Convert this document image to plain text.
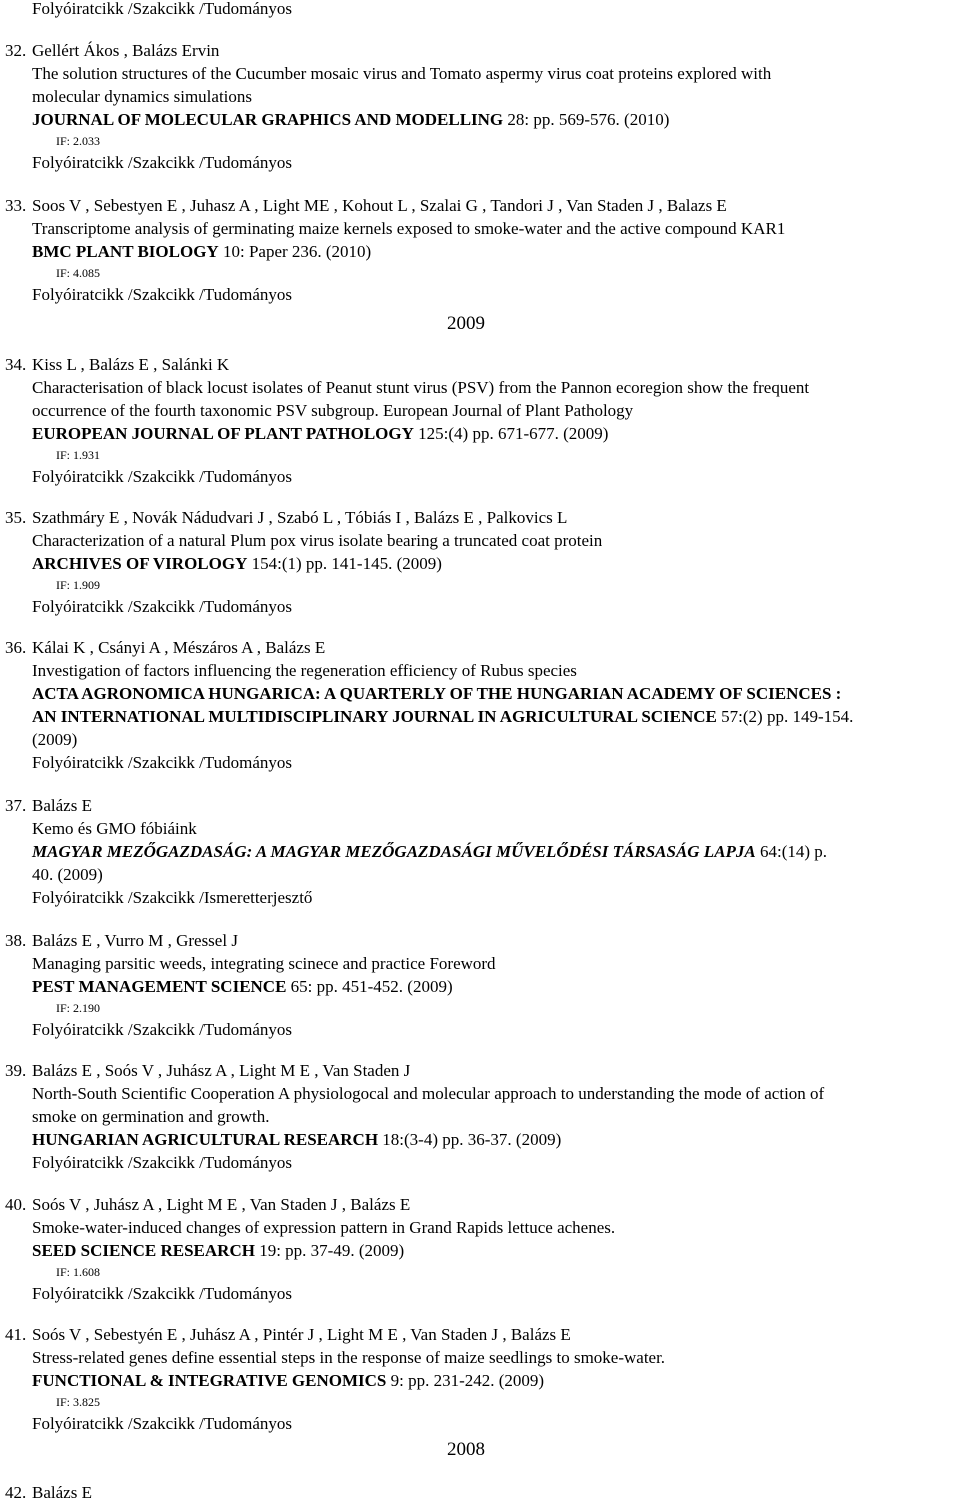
Folyóiratcikk /Szakcikk /Tudományos
32. Gellért Ákos , Balázs Ervin
The solution structures of the Cucumber mosaic virus and Tomato aspermy virus coat proteins explored with
molecular dynamics simulations
JOURNAL OF MOLECULAR GRAPHICS AND MODELLING 28: pp. 569-576. (2010)
IF: 2.033
Folyóiratcikk /Szakcikk /Tudományos
33. Soos V , Sebestyen E , Juhasz A , Light ME , Kohout L , Szalai G , Tandori J , Van Staden J , Balazs E
Transcriptome analysis of germinating maize kernels exposed to smoke-water and the active compound KAR1
BMC PLANT BIOLOGY 10: Paper 236. (2010)
IF: 4.085
Folyóiratcikk /Szakcikk /Tudományos
2009
34. Kiss L , Balázs E , Salánki K
Characterisation of black locust isolates of Peanut stunt virus (PSV) from the Pannon ecoregion show the frequent
occurrence of the fourth taxonomic PSV subgroup. European Journal of Plant Pathology
EUROPEAN JOURNAL OF PLANT PATHOLOGY 125:(4) pp. 671-677. (2009)
IF: 1.931
Folyóiratcikk /Szakcikk /Tudományos
35. Szathmáry E , Novák Nádudvari J , Szabó L , Tóbiás I , Balázs E , Palkovics L
Characterization of a natural Plum pox virus isolate bearing a truncated coat protein
ARCHIVES OF VIROLOGY 154:(1) pp. 141-145. (2009)
IF: 1.909
Folyóiratcikk /Szakcikk /Tudományos
36. Kálai K , Csányi A , Mészáros A , Balázs E
Investigation of factors influencing the regeneration efficiency of Rubus species
ACTA AGRONOMICA HUNGARICA: A QUARTERLY OF THE HUNGARIAN ACADEMY OF SCIENCES :
AN INTERNATIONAL MULTIDISCIPLINARY JOURNAL IN AGRICULTURAL SCIENCE 57:(2) pp. 149-154.
(2009)
Folyóiratcikk /Szakcikk /Tudományos
37. Balázs E
Kemo és GMO fóbiáink
MAGYAR MEZŐGAZDASÁG: A MAGYAR MEZŐGAZDASÁGI MŰVELŐDÉSI TÁRSASÁG LAPJA 64:(14) p.
40. (2009)
Folyóiratcikk /Szakcikk /Ismeretterjesztő
38. Balázs E , Vurro M , Gressel J
Managing parsitic weeds, integrating scinece and practice Foreword
PEST MANAGEMENT SCIENCE 65: pp. 451-452. (2009)
IF: 2.190
Folyóiratcikk /Szakcikk /Tudományos
39. Balázs E , Soós V , Juhász A , Light M E , Van Staden J
North-South Scientific Cooperation A physiologocal and molecular approach to understanding the mode of action of
smoke on germination and growth.
HUNGARIAN AGRICULTURAL RESEARCH 18:(3-4) pp. 36-37. (2009)
Folyóiratcikk /Szakcikk /Tudományos
40. Soós V , Juhász A , Light M E , Van Staden J , Balázs E
Smoke-water-induced changes of expression pattern in Grand Rapids lettuce achenes.
SEED SCIENCE RESEARCH 19: pp. 37-49. (2009)
IF: 1.608
Folyóiratcikk /Szakcikk /Tudományos
41. Soós V , Sebestyén E , Juhász A , Pintér J , Light M E , Van Staden J , Balázs E
Stress-related genes define essential steps in the response of maize seedlings to smoke-water.
FUNCTIONAL & INTEGRATIVE GENOMICS 9: pp. 231-242. (2009)
IF: 3.825
Folyóiratcikk /Szakcikk /Tudományos
2008
42. Balázs E
